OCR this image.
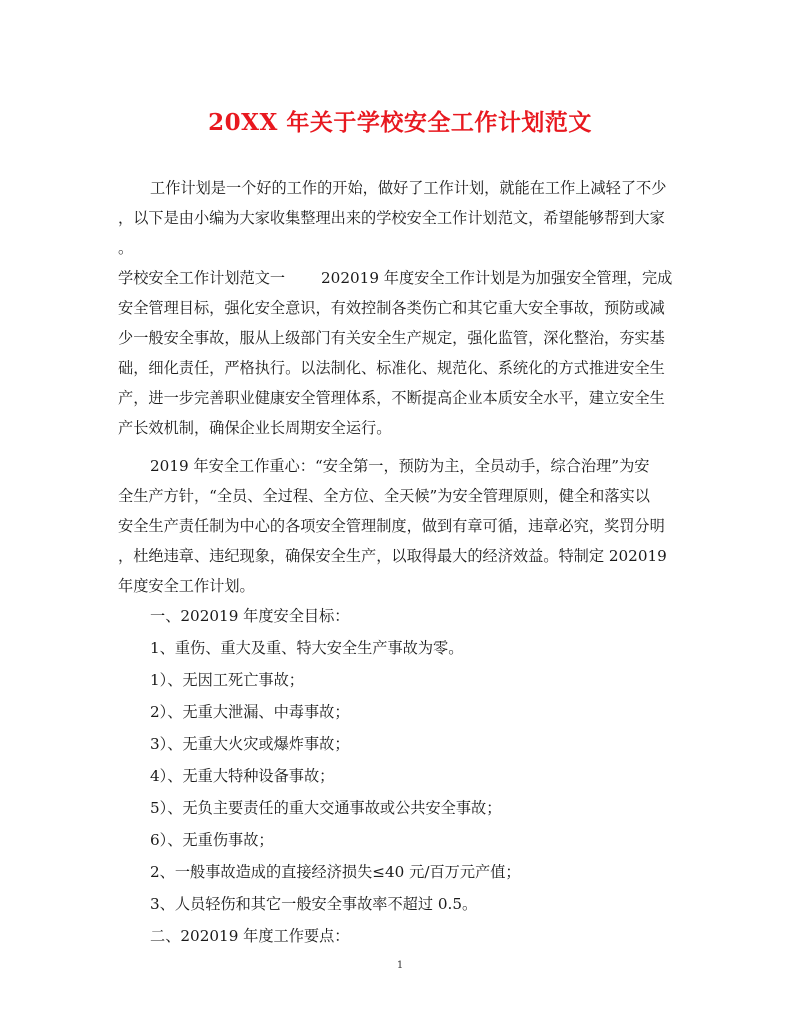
20XX 年关于学校安全工作计划范文
工作计划是一个好的工作的开始，做好了工作计划，就能在工作上减轻了不少
，以下是由小编为大家收集整理出来的学校安全工作计划范文，希望能够帮到大家
。
学校安全工作计划范文一 202019 年度安全工作计划是为加强安全管理，完成
安全管理目标，强化安全意识，有效控制各类伤亡和其它重大安全事故，预防或减
少一般安全事故，服从上级部门有关安全生产规定，强化监管，深化整治，夯实基
础，细化责任，严格执行。以法制化、标准化、规范化、系统化的方式推进安全生
产，进一步完善职业健康安全管理体系，不断提高企业本质安全水平，建立安全生
产长效机制，确保企业长周期安全运行。
2019 年安全工作重心：“安全第一，预防为主，全员动手，综合治理”为安
全生产方针，“全员、全过程、全方位、全天候”为安全管理原则，健全和落实以
安全生产责任制为中心的各项安全管理制度，做到有章可循，违章必究，奖罚分明
，杜绝违章、违纪现象，确保安全生产，以取得最大的经济效益。特制定 202019
年度安全工作计划。
一、202019 年度安全目标：
1、重伤、重大及重、特大安全生产事故为零。
1）、无因工死亡事故；
2）、无重大泄漏、中毒事故；
3）、无重大火灾或爆炸事故；
4）、无重大特种设备事故；
5）、无负主要责任的重大交通事故或公共安全事故；
6）、无重伤事故；
2、一般事故造成的直接经济损失≤40 元/百万元产值；
3、人员轻伤和其它一般安全事故率不超过 0.5。
二、202019 年度工作要点：
1
